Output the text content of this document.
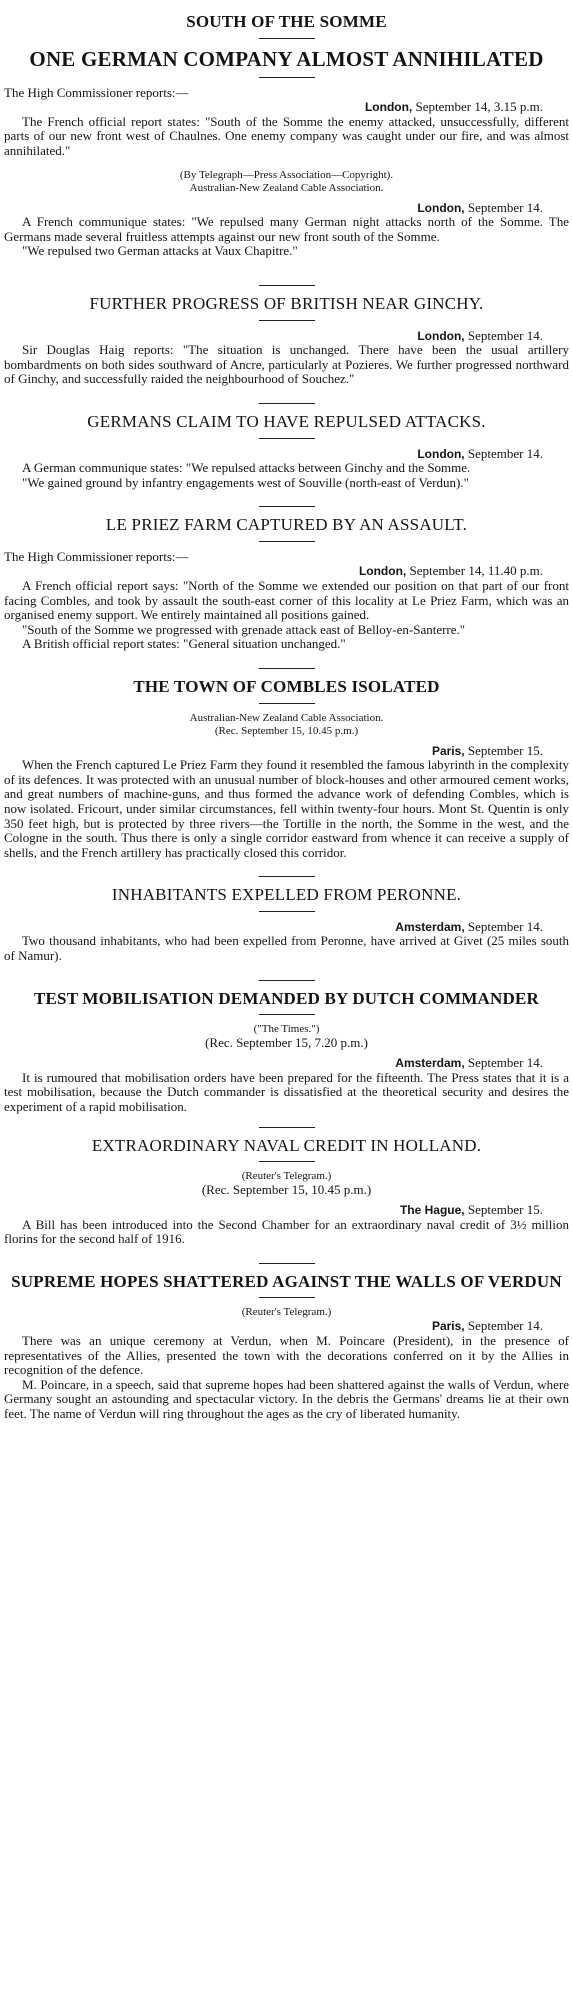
SOUTH OF THE SOMME
ONE GERMAN COMPANY ALMOST ANNIHILATED

The High Commissioner reports:—

London, September 14, 3.15 p.m.

The French official report states: "South of the Somme the enemy attacked, unsuccessfully, different parts of our new front west of Chaulnes. One enemy company was caught under our fire, and was almost annihilated."

(By Telegraph—Press Association—Copyright).

Australian-New Zealand Cable Association.

London, September 14.

A French communique states: "We repulsed many German night attacks north of the Somme. The Germans made several fruitless attempts against our new front south of the Somme.

"We repulsed two German attacks at Vaux Chapitre."

FURTHER PROGRESS OF BRITISH NEAR GINCHY.

London, September 14.

Sir Douglas Haig reports: "The situation is unchanged. There have been the usual artillery bombardments on both sides southward of Ancre, particularly at Pozieres. We further progressed northward of Ginchy, and successfully raided the neighbourhood of Souchez."

GERMANS CLAIM TO HAVE REPULSED ATTACKS.

London, September 14.

A German communique states: "We repulsed attacks between Ginchy and the Somme.

"We gained ground by infantry engagements west of Souville (north-east of Verdun)."

LE PRIEZ FARM CAPTURED BY AN ASSAULT.

The High Commissioner reports:—

London, September 14, 11.40 p.m.

A French official report says: "North of the Somme we extended our position on that part of our front facing Combles, and took by assault the south-east corner of this locality at Le Priez Farm, which was an organised enemy support. We entirely maintained all positions gained.

"South of the Somme we progressed with grenade attack east of Belloy-en-Santerre."

A British official report states: "General situation unchanged."

THE TOWN OF COMBLES ISOLATED

Australian-New Zealand Cable Association.

(Rec. September 15, 10.45 p.m.)

Paris, September 15.

When the French captured Le Priez Farm they found it resembled the famous labyrinth in the complexity of its defences. It was protected with an unusual number of block-houses and other armoured cement works, and great numbers of machine-guns, and thus formed the advance work of defending Combles, which is now isolated. Fricourt, under similar circumstances, fell within twenty-four hours. Mont St. Quentin is only 350 feet high, but is protected by three rivers—the Tortille in the north, the Somme in the west, and the Cologne in the south. Thus there is only a single corridor eastward from whence it can receive a supply of shells, and the French artillery has practically closed this corridor.

INHABITANTS EXPELLED FROM PERONNE.

Amsterdam, September 14.

Two thousand inhabitants, who had been expelled from Peronne, have arrived at Givet (25 miles south of Namur).

TEST MOBILISATION DEMANDED BY DUTCH COMMANDER

("The Times.")

(Rec. September 15, 7.20 p.m.)

Amsterdam, September 14.

It is rumoured that mobilisation orders have been prepared for the fifteenth. The Press states that it is a test mobilisation, because the Dutch commander is dissatisfied at the theoretical security and desires the experiment of a rapid mobilisation.

EXTRAORDINARY NAVAL CREDIT IN HOLLAND.

(Reuter's Telegram.)

(Rec. September 15, 10.45 p.m.)

The Hague, September 15.

A Bill has been introduced into the Second Chamber for an extraordinary naval credit of 3½ million florins for the second half of 1916.

SUPREME HOPES SHATTERED AGAINST THE WALLS OF VERDUN

(Reuter's Telegram.)

Paris, September 14.

There was an unique ceremony at Verdun, when M. Poincare (President), in the presence of representatives of the Allies, presented the town with the decorations conferred on it by the Allies in recognition of the defence.

M. Poincare, in a speech, said that supreme hopes had been shattered against the walls of Verdun, where Germany sought an astounding and spectacular victory. In the debris the Germans' dreams lie at their own feet. The name of Verdun will ring throughout the ages as the cry of liberated humanity.
